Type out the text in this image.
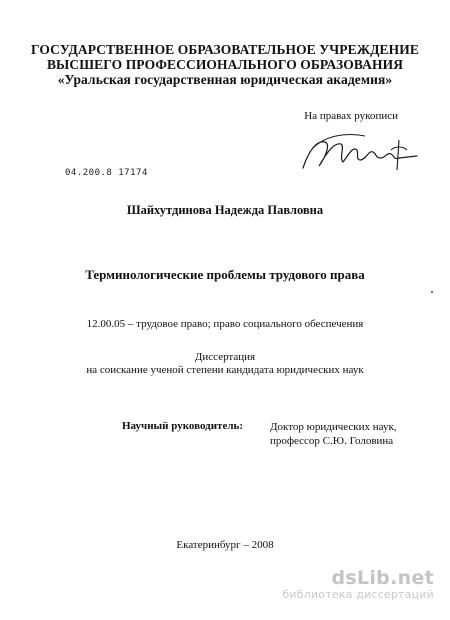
ГОСУДАРСТВЕННОЕ ОБРАЗОВАТЕЛЬНОЕ УЧРЕЖДЕНИЕ
ВЫСШЕГО ПРОФЕССИОНАЛЬНОГО ОБРАЗОВАНИЯ
«Уральская государственная юридическая академия»
На правах рукописи
04.200.8 17174
Шайхутдинова Надежда Павловна
Терминологические проблемы трудового права
12.00.05 – трудовое право; право социального обеспечения
Диссертация
на соискание ученой степени кандидата юридических наук
Научный руководитель: Доктор юридических наук,
профессор С.Ю. Головина
Екатеринбург – 2008
dsLib.net
библиотека диссертаций
